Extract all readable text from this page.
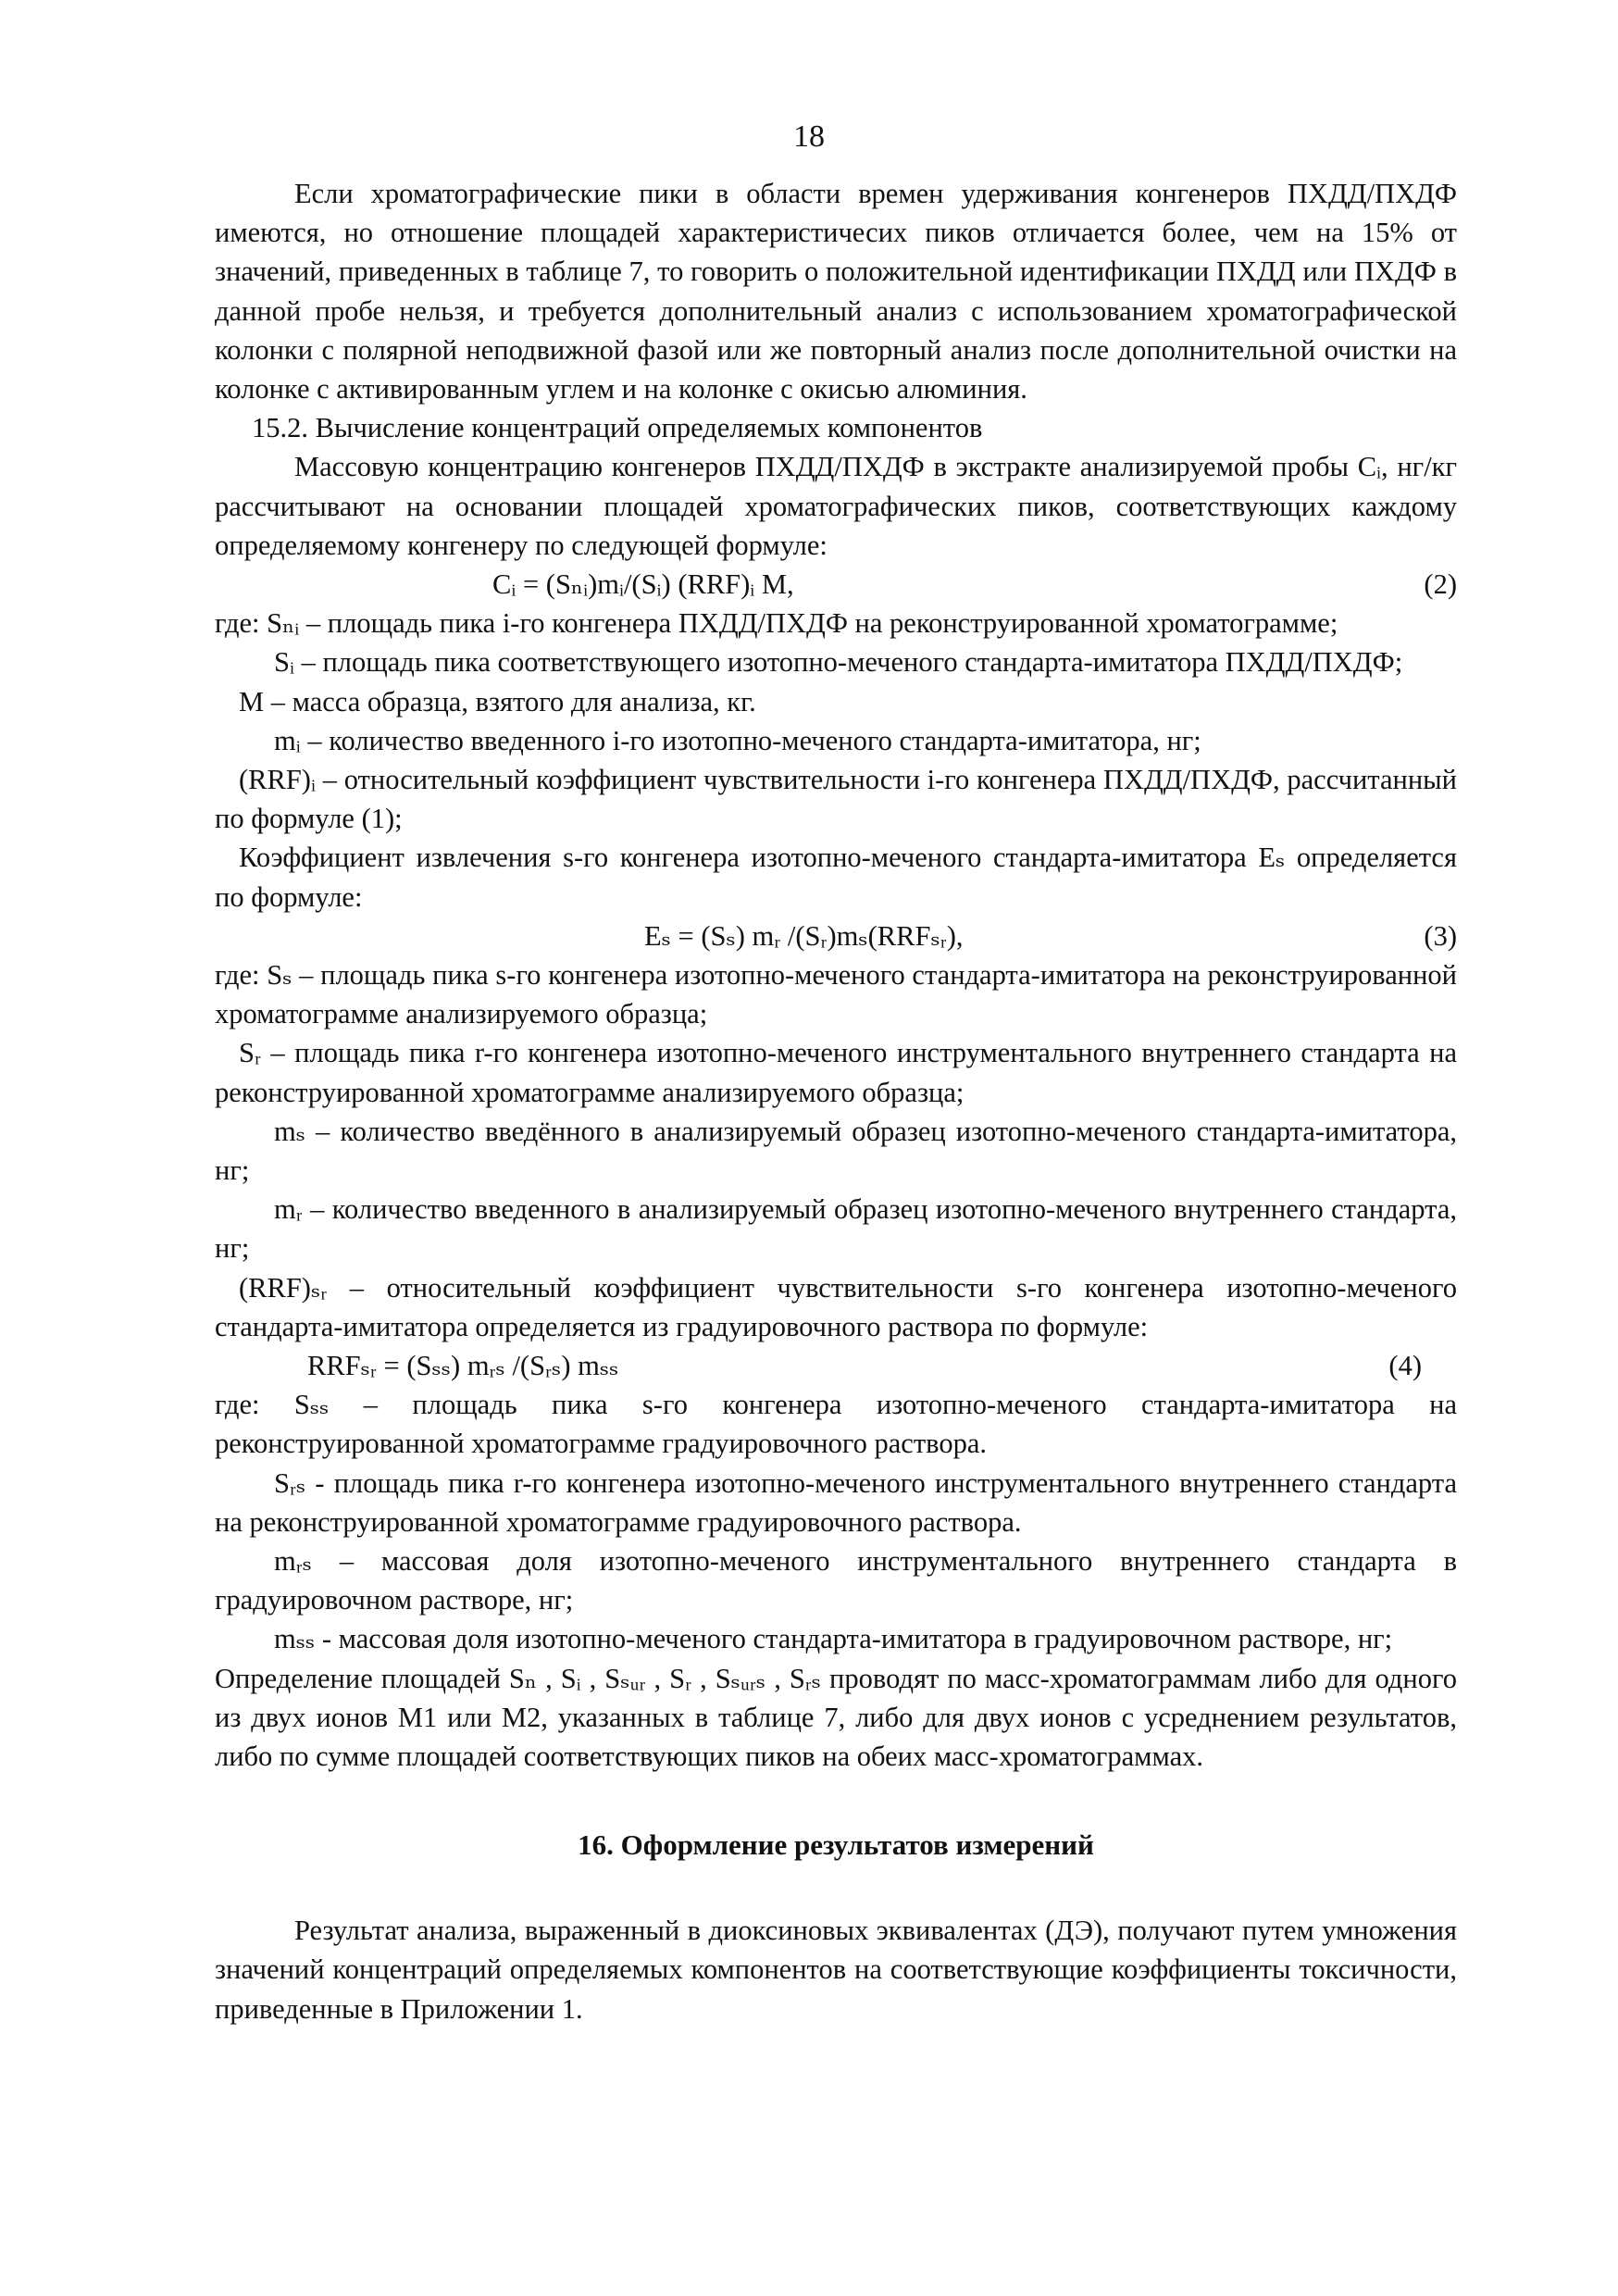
18

Если хроматографические пики в области времен удерживания конгенеров ПХДД/ПХДФ имеются, но отношение площадей характеристичесих пиков отличается более, чем на 15% от значений, приведенных в таблице 7, то говорить о положительной идентификации ПХДД или ПХДФ в данной пробе нельзя, и требуется дополнительный анализ с использованием хроматографической колонки с полярной неподвижной фазой или же повторный анализ после дополнительной очистки на колонке с активированным углем и на колонке с окисью алюминия.

15.2. Вычисление концентраций определяемых компонентов

Массовую концентрацию конгенеров ПХДД/ПХДФ в экстракте анализируемой пробы Cᵢ, нг/кг рассчитывают на основании площадей хроматографических пиков, соответствующих каждому определяемому конгенеру по следующей формуле:

Cᵢ = (Sₙᵢ)mᵢ/(Sᵢ) (RRF)ᵢ M,	(2)

где: Sₙᵢ – площадь пика i-го конгенера ПХДД/ПХДФ на реконструированной хроматограмме;

Sᵢ – площадь пика соответствующего изотопно-меченого стандарта-имитатора ПХДД/ПХДФ;

М – масса образца, взятого для анализа, кг.

mᵢ – количество введенного i-го изотопно-меченого стандарта-имитатора, нг;

(RRF)ᵢ – относительный коэффициент чувствительности i-го конгенера ПХДД/ПХДФ, рассчитанный по формуле (1);

Коэффициент извлечения s-го конгенера изотопно-меченого стандарта-имитатора Eₛ определяется по формуле:

Eₛ = (Sₛ) mᵣ /(Sᵣ)mₛ(RRFₛᵣ),	(3)

где: Sₛ – площадь пика s-го конгенера изотопно-меченого стандарта-имитатора на реконструированной хроматограмме анализируемого образца;

Sᵣ – площадь пика r-го конгенера изотопно-меченого инструментального внутреннего стандарта на реконструированной хроматограмме анализируемого образца;

mₛ – количество введённого в анализируемый образец изотопно-меченого стандарта-имитатора, нг;

mᵣ – количество введенного в анализируемый образец изотопно-меченого внутреннего стандарта, нг;

(RRF)ₛᵣ – относительный коэффициент чувствительности s-го конгенера изотопно-меченого стандарта-имитатора определяется из градуировочного раствора по формуле:

RRFₛᵣ = (Sₛₛ) mᵣₛ /(Sᵣₛ) mₛₛ	(4)

где: Sₛₛ – площадь пика s-го конгенера изотопно-меченого стандарта-имитатора на реконструированной хроматограмме градуировочного раствора.

Sᵣₛ - площадь пика r-го конгенера изотопно-меченого инструментального внутреннего стандарта на реконструированной хроматограмме градуировочного раствора.

mᵣₛ – массовая доля изотопно-меченого инструментального внутреннего стандарта в градуировочном растворе, нг;

mₛₛ - массовая доля изотопно-меченого стандарта-имитатора в градуировочном растворе, нг;

Определение площадей Sₙ , Sᵢ , Sₛᵤᵣ , Sᵣ , Sₛᵤᵣₛ , Sᵣₛ проводят по масс-хроматограммам либо для одного из двух ионов M1 или M2, указанных в таблице 7, либо для двух ионов с усреднением результатов, либо по сумме площадей соответствующих пиков на обеих масс-хроматограммах.

16. Оформление результатов измерений

Результат анализа, выраженный в диоксиновых эквивалентах (ДЭ), получают путем умножения значений концентраций определяемых компонентов на соответствующие коэффициенты токсичности, приведенные в Приложении 1.
